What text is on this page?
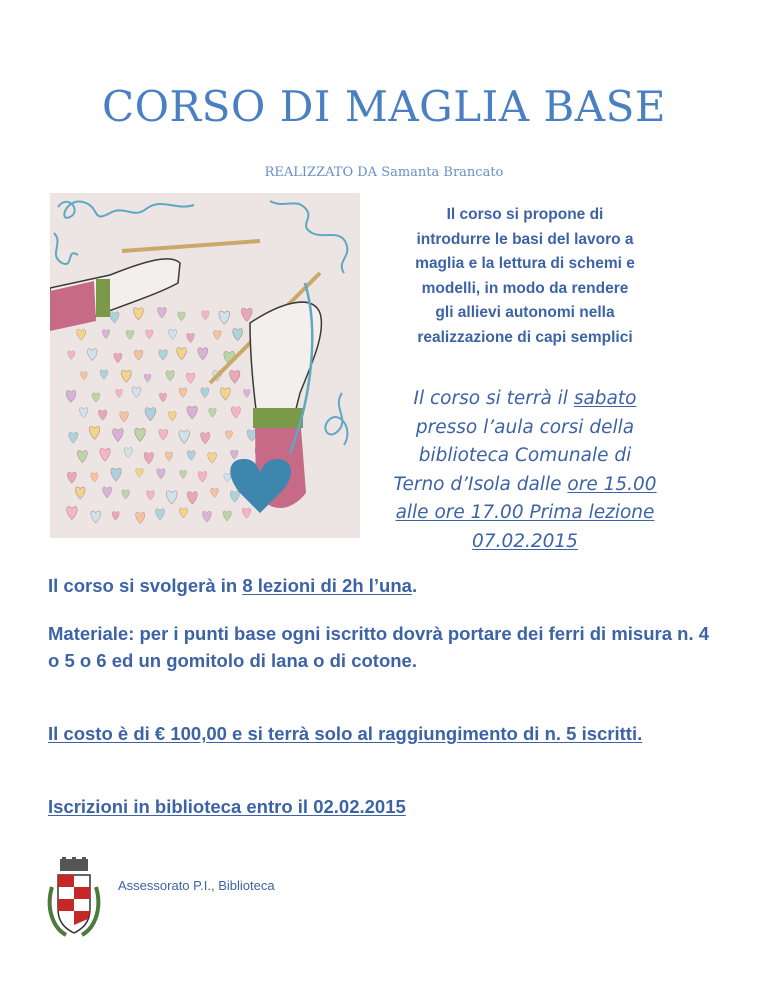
CORSO DI MAGLIA BASE
REALIZZATO DA Samanta Brancato
Il corso si propone di
introdurre le basi del lavoro a
maglia e la lettura di schemi e
modelli, in modo da rendere
gli allievi autonomi nella
realizzazione di capi semplici
Il corso si terrà il sabato
presso l’aula corsi della
biblioteca Comunale di
Terno d’Isola dalle ore 15.00
alle ore 17.00 Prima lezione
07.02.2015
Il corso si svolgerà in 8 lezioni di 2h l’una.
Materiale: per i punti base ogni iscritto dovrà portare dei ferri di misura n. 4 o 5 o 6 ed un gomitolo di lana o di cotone.
Il costo è di € 100,00 e si terrà solo al raggiungimento di n. 5 iscritti.
Iscrizioni in biblioteca entro il 02.02.2015
Assessorato P.I., Biblioteca
